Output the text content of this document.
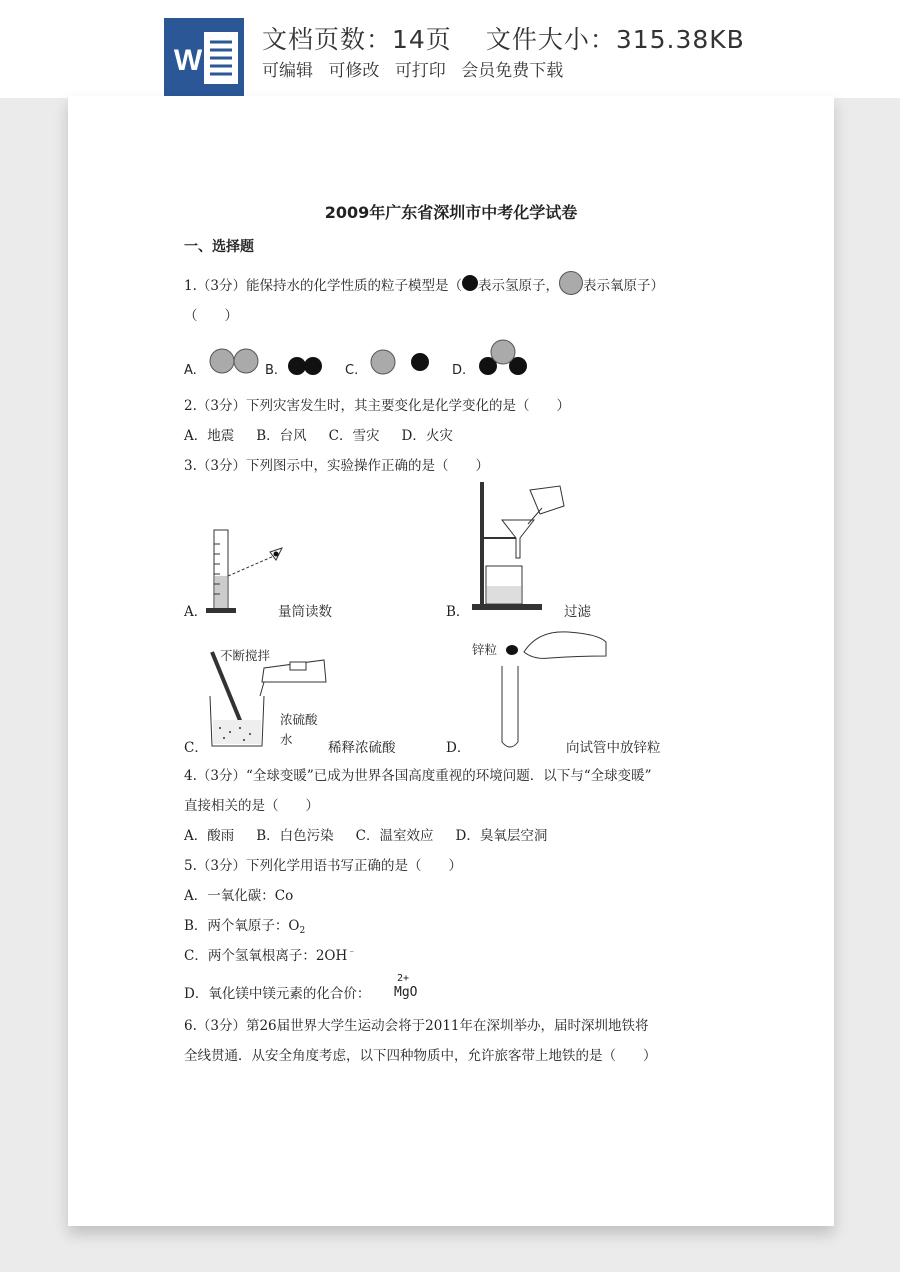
W
文档页数：14页 文件大小：315.38KB
可编辑 可修改 可打印 会员免费下载
2009年广东省深圳市中考化学试卷
一、选择题
1.（3分）能保持水的化学性质的粒子模型是（ 表示氢原子， 表示氧原子）
（　　）
A.	B.	C.	D.
2.（3分）下列灾害发生时，其主要变化是化学变化的是（　　）
A．地震 B．台风 C．雪灾 D．火灾
3.（3分）下列图示中，实验操作正确的是（　　）
A．	量筒读数	B．	过滤
不断搅拌
浓硫酸
水
C．	稀释浓硫酸
锌粒
D．	向试管中放锌粒
4.（3分）“全球变暖”已成为世界各国高度重视的环境问题．以下与“全球变暖”
直接相关的是（　　）
A．酸雨 B．白色污染 C．温室效应 D．臭氧层空洞
5.（3分）下列化学用语书写正确的是（　　）
A．一氧化碳：Co
B．两个氧原子：$O_2$
C．两个氢氧根离子：2OH﹣
D．氧化镁中镁元素的化合价：
2+
MgO
6.（3分）第26届世界大学生运动会将于2011年在深圳举办，届时深圳地铁将
全线贯通．从安全角度考虑，以下四种物质中，允许旅客带上地铁的是（　　）
